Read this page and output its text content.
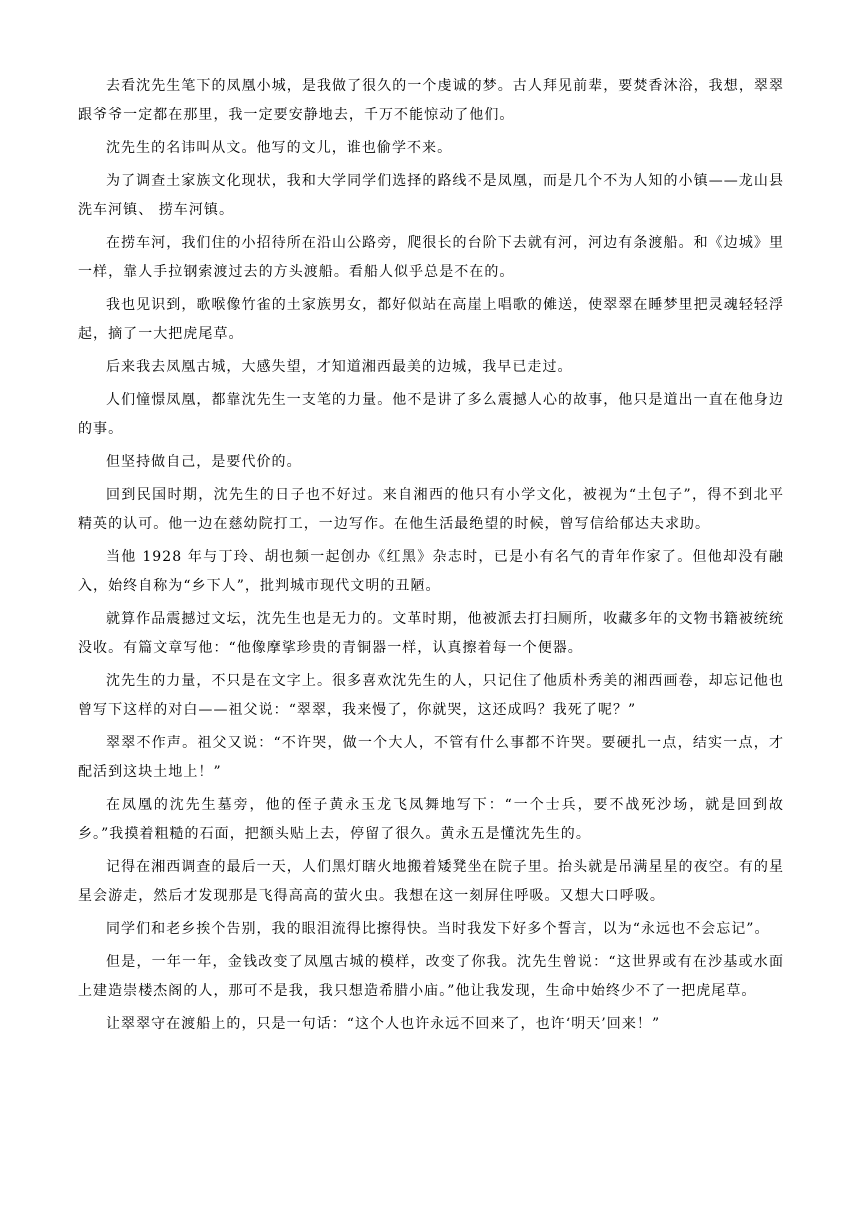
去看沈先生笔下的凤凰小城，是我做了很久的一个虔诚的梦。古人拜见前辈，要焚香沐浴，我想，翠翠跟爷爷一定都在那里，我一定要安静地去，千万不能惊动了他们。

沈先生的名讳叫从文。他写的文儿，谁也偷学不来。

为了调查土家族文化现状，我和大学同学们选择的路线不是凤凰，而是几个不为人知的小镇——龙山县洗车河镇、 捞车河镇。

在捞车河，我们住的小招待所在沿山公路旁，爬很长的台阶下去就有河，河边有条渡船。和《边城》里一样，靠人手拉钢索渡过去的方头渡船。看船人似乎总是不在的。

我也见识到，歌喉像竹雀的土家族男女，都好似站在高崖上唱歌的傩送，使翠翠在睡梦里把灵魂轻轻浮起，摘了一大把虎尾草。

后来我去凤凰古城，大感失望，才知道湘西最美的边城，我早已走过。

人们憧憬凤凰，都靠沈先生一支笔的力量。他不是讲了多么震撼人心的故事，他只是道出一直在他身边的事。

但坚持做自己，是要代价的。

回到民国时期，沈先生的日子也不好过。来自湘西的他只有小学文化，被视为“土包子”，得不到北平精英的认可。他一边在慈幼院打工，一边写作。在他生活最绝望的时候，曾写信给郁达夫求助。

当他 1928 年与丁玲、胡也频一起创办《红黑》杂志时，已是小有名气的青年作家了。但他却没有融入，始终自称为“乡下人”，批判城市现代文明的丑陋。

就算作品震撼过文坛，沈先生也是无力的。文革时期，他被派去打扫厕所，收藏多年的文物书籍被统统没收。有篇文章写他：“他像摩挲珍贵的青铜器一样，认真擦着每一个便器。

沈先生的力量，不只是在文字上。很多喜欢沈先生的人，只记住了他质朴秀美的湘西画卷，却忘记他也曾写下这样的对白——祖父说：“翠翠，我来慢了，你就哭，这还成吗？我死了呢？”

翠翠不作声。祖父又说：“不许哭，做一个大人，不管有什么事都不许哭。要硬扎一点，结实一点，才配活到这块土地上！”

在凤凰的沈先生墓旁，他的侄子黄永玉龙飞凤舞地写下：“一个士兵，要不战死沙场，就是回到故乡。”我摸着粗糙的石面，把额头贴上去，停留了很久。黄永五是懂沈先生的。

记得在湘西调查的最后一天，人们黑灯瞎火地搬着矮凳坐在院子里。抬头就是吊满星星的夜空。有的星星会游走，然后才发现那是飞得高高的萤火虫。我想在这一刻屏住呼吸。又想大口呼吸。

同学们和老乡挨个告别，我的眼泪流得比擦得快。当时我发下好多个誓言，以为“永远也不会忘记”。

但是，一年一年，金钱改变了凤凰古城的模样，改变了你我。沈先生曾说：“这世界或有在沙基或水面上建造崇楼杰阁的人，那可不是我，我只想造希腊小庙。”他让我发现，生命中始终少不了一把虎尾草。

让翠翠守在渡船上的，只是一句话：“这个人也许永远不回来了，也许‘明天’回来！”
